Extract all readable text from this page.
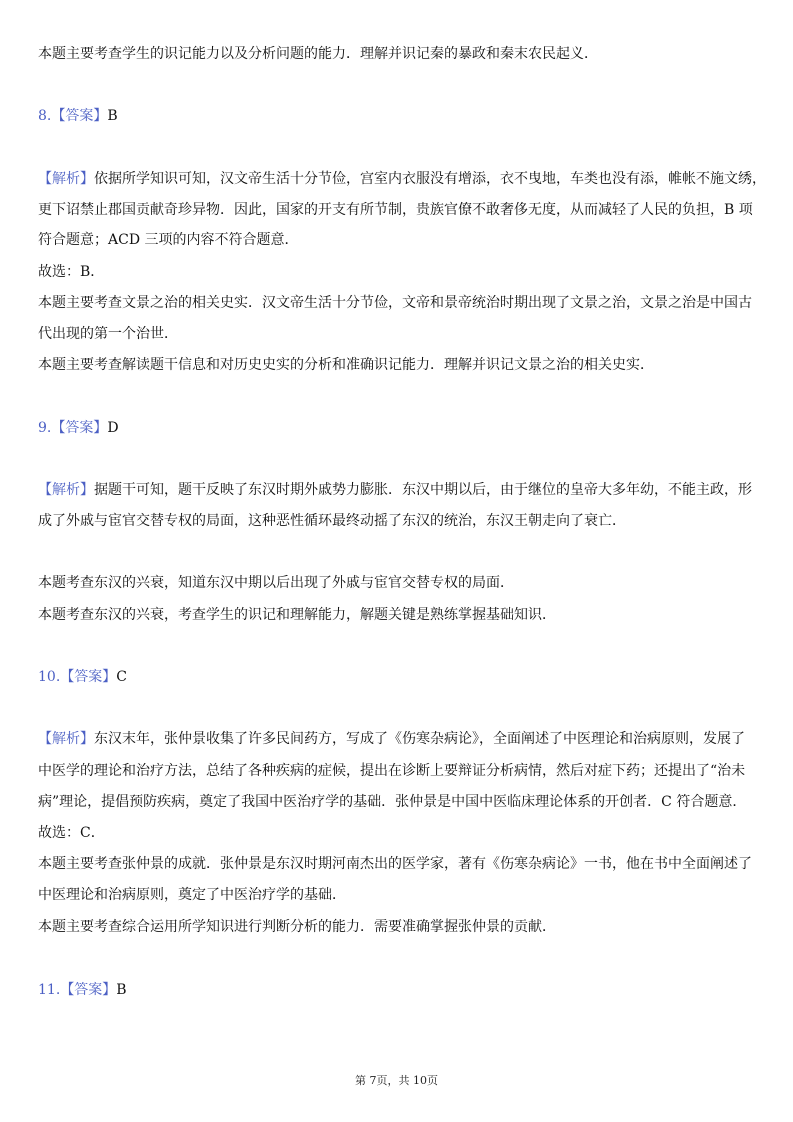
本题主要考查学生的识记能力以及分析问题的能力．理解并识记秦的暴政和秦末农民起义．
8.【答案】B
【解析】依据所学知识可知，汉文帝生活十分节俭，宫室内衣服没有增添，衣不曳地，车类也没有添，帷帐不施文绣，
更下诏禁止郡国贡献奇珍异物．因此，国家的开支有所节制，贵族官僚不敢奢侈无度，从而减轻了人民的负担，B 项
符合题意；ACD 三项的内容不符合题意．
故选：B．
本题主要考查文景之治的相关史实．汉文帝生活十分节俭，文帝和景帝统治时期出现了文景之治，文景之治是中国古
代出现的第一个治世．
本题主要考查解读题干信息和对历史史实的分析和准确识记能力．理解并识记文景之治的相关史实．
9.【答案】D
【解析】据题干可知，题干反映了东汉时期外戚势力膨胀．东汉中期以后，由于继位的皇帝大多年幼，不能主政，形
成了外戚与宦官交替专权的局面，这种恶性循环最终动摇了东汉的统治，东汉王朝走向了衰亡．
本题考查东汉的兴衰，知道东汉中期以后出现了外戚与宦官交替专权的局面．
本题考查东汉的兴衰，考查学生的识记和理解能力，解题关键是熟练掌握基础知识．
10.【答案】C
【解析】东汉末年，张仲景收集了许多民间药方，写成了《伤寒杂病论》，全面阐述了中医理论和治病原则，发展了
中医学的理论和治疗方法，总结了各种疾病的症候，提出在诊断上要辩证分析病情，然后对症下药；还提出了“治未
病”理论，提倡预防疾病，奠定了我国中医治疗学的基础．张仲景是中国中医临床理论体系的开创者．C 符合题意．
故选：C．
本题主要考查张仲景的成就．张仲景是东汉时期河南杰出的医学家，著有《伤寒杂病论》一书，他在书中全面阐述了
中医理论和治病原则，奠定了中医治疗学的基础．
本题主要考查综合运用所学知识进行判断分析的能力．需要准确掌握张仲景的贡献．
11.【答案】B
第 7页，共 10页
